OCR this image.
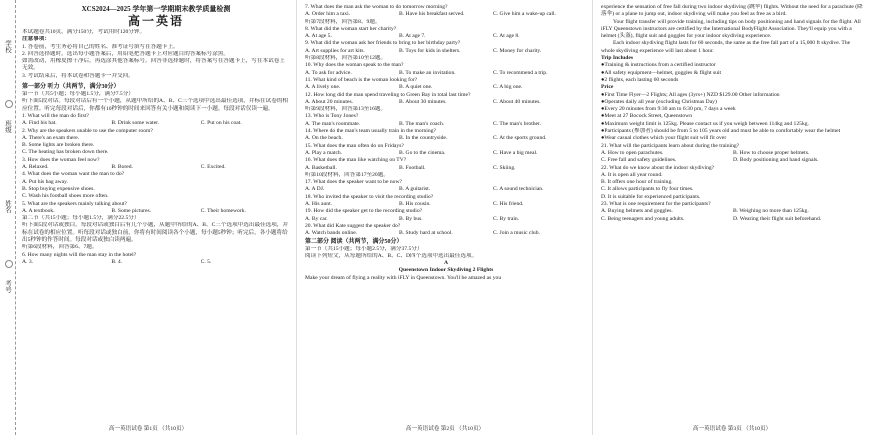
学校
班级
姓名
考号
XCS2024—2025 学年第一学期期末教学质量检测
高一英语
本试题卷共10页，满分150分，考试用时120分钟。
注意事项：
1. 答卷前，考生务必将自己的姓名、准考证号填写在答题卡上。
2. 回答选择题时，选出每小题答案后，用铅笔把答题卡上对应题目的答案标号涂黑。
如需改动，用橡皮擦干净后，再选涂其他答案标号。回答非选择题时，将答案写在答题卡上，写在本试卷上无效。
3. 考试结束后，将本试卷和答题卡一并交回。
第一部分 听力（共两节，满分30分）
第一节（共5小题；每小题1.5分，满分7.5分）
听下面5段对话。每段对话后有一个小题，从题中所给的A、B、C三个选项中选出最佳选项，并标在试卷的相应位置。听完每段对话后，你都有10秒钟的时间来回答有关小题和阅读下一小题。每段对话仅读一遍。
1. What will the man do first?
A. Find his hat.	B. Drink some water.	C. Put on his coat.
2. Why are the speakers unable to use the computer room?
A. There's an exam there.
B. Some lights are broken there.
C. The heating has broken down there.
3. How does the woman feel now?
A. Relaxed.	B. Bored.	C. Excited.
4. What does the woman want the man to do?
A. Put his bag away.
B. Stop buying expensive shoes.
C. Wash his football shoes more often.
5. What are the speakers mainly talking about?
A. A textbook.	B. Some pictures.	C. Their homework.
第二节（共15小题；每小题1.5分，满分22.5分）
听下面5段对话或独白。每段对话或独白后有几个小题，从题中所给的A、B、C三个选项中选出最佳选项，并标在试卷的相应位置。听每段对话或独白前，你将有时间阅读各个小题，每小题5秒钟；听完后，各小题将给出5秒钟的作答时间。每段对话或独白读两遍。
听第6段材料，回答第6、7题。
6. How many nights will the man stay in the hotel?
A. 3.	B. 4.	C. 5.
高一英语试卷 第1页 （共10页）
7. What does the man ask the woman to do tomorrow morning?
A. Order him a taxi.	B. Have his breakfast served.	C. Give him a wake-up call.
听第7段材料，回答第8、9题。
8. What did the woman start her charity?
A. At age 5.	B. At age 7.	C. At age 8.
9. What did the woman ask her friends to bring to her birthday party?
A. Art supplies for art kits.	B. Toys for kids in shelters.	C. Money for charity.
听第8段材料，回答第10至12题。
10. Why does the woman speak to the man?
A. To ask for advice.	B. To make an invitation.	C. To recommend a trip.
11. What kind of beach is the woman looking for?
A. A lively one.	B. A quiet one.	C. A big one.
12. How long did the man spend traveling to Green Bay in total last time?
A. About 20 minutes.	B. About 30 minutes.	C. About 40 minutes.
听第9段材料，回答第13至16题。
13. Who is Tony Jones?
A. The man's roommate.	B. The man's coach.	C. The man's brother.
14. Where do the man's team usually train in the morning?
A. On the beach.	B. In the countryside.	C. At the sports ground.
15. What does the man often do on Fridays?
A. Play a match.	B. Go to the cinema.	C. Have a big meal.
16. What does the man like watching on TV?
A. Basketball.	B. Football.	C. Skiing.
听第10段材料，回答第17至20题。
17. What does the speaker want to be now?
A. A DJ.	B. A guitarist.	C. A sound technician.
18. Who invited the speaker to visit the recording studio?
A. His aunt.	B. His cousin.	C. His friend.
19. How did the speaker get to the recording studio?
A. By car.	B. By bus.	C. By train.
20. What did Kate suggest the speaker do?
A. Watch bands online.	B. Study hard at school.	C. Join a music club.
第二部分 阅读（共两节，满分50分）
第一节（共15小题；每小题2.5分，满分37.5分）
阅读下列短文，从每题所给的A、B、C、D四个选项中选出最佳选项。
A
Queenstown Indoor Skydiving 2 Flights
Make your dream of flying a reality with iFLY in Queenstown. You'll be amazed as you
高一英语试卷 第2页 （共10页）
experience the sensation of free fall during two indoor skydiving (跳伞) flights. Without the need for a parachute (降落伞) or a plane to jump out, indoor skydiving will make you feel as free as a bird.
Your flight transfer will provide training, including tips on body positioning and hand signals for the flight. All iFLY Queenstown instructors are certified by the International BodyFlight Association. They'll equip you with a helmet (头盔), flight suit and goggles for your indoor skydiving experience.
Each indoor skydiving flight lasts for 60 seconds, the same as the free fall part of a 15,000 ft skydive. The whole skydiving experience will last about 1 hour.
Trip Includes
●Training & instructions from a certified instructor
●All safety equipment—helmet, goggles & flight suit
●2 flights, each lasting 60 seconds
Price
●First Time Flyer—2 Flights; All ages (3yrs+) NZD $129.00 Other information
●Operates daily all year (excluding Christmas Day)
●Every 20 minutes from 9:30 am to 6:30 pm, 7 days a week
●Meet at 27 Bocock Street, Queenstown
●Maximum weight limit is 125kg. Please contact us if you weigh between 114kg and 125kg.
●Participants (参加者) should be from 5 to 105 years old and must be able to comfortably wear the helmet
●Wear casual clothes which your flight suit will fit over
21. What will the participants learn about during the training?
A. How to open parachutes.	B. How to choose proper helmets.
C. Free fall and safety guidelines.	D. Body positioning and hand signals.
22. What do we know about the indoor skydiving?
A. It is open all year round.
B. It offers one hour of training.
C. It allows participants to fly four times.
D. It is suitable for experienced participants.
23. What is one requirement for the participants?
A. Buying helmets and goggles.	B. Weighing no more than 125kg.
C. Being teenagers and young adults.	D. Wearing their flight suit beforehand.
高一英语试卷 第3页 （共10页）
